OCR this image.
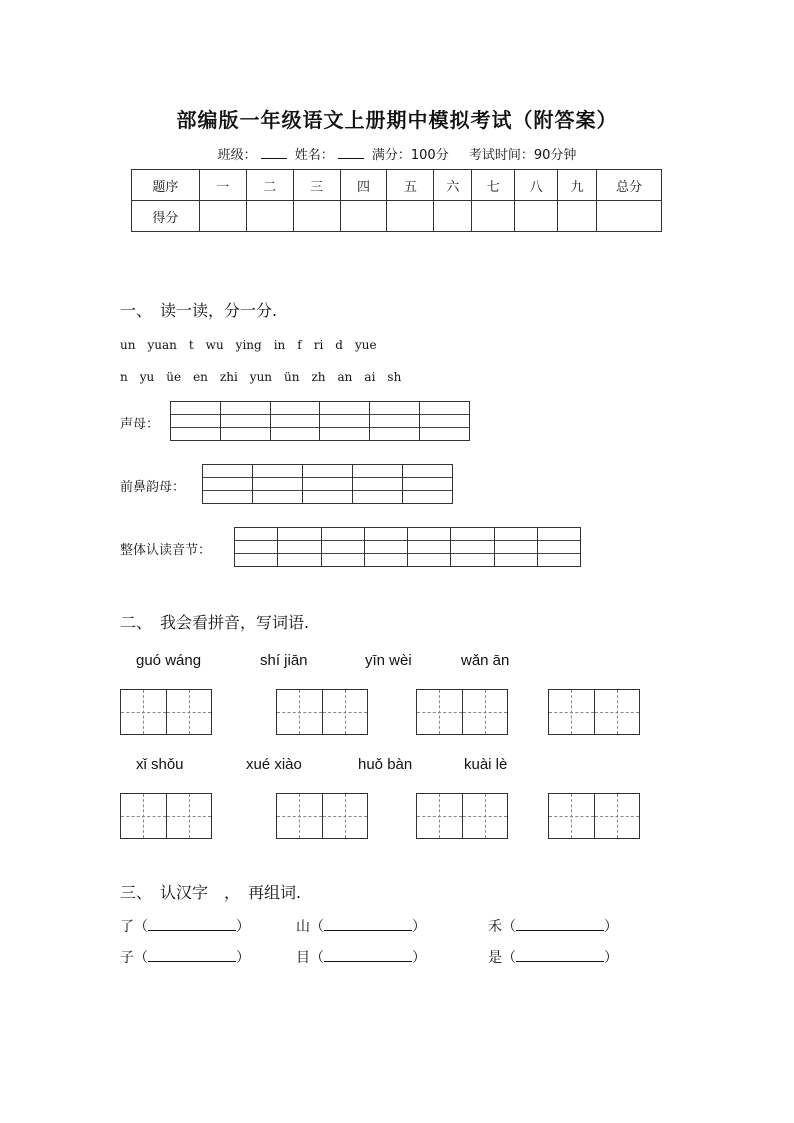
部编版一年级语文上册期中模拟考试（附答案）
班级：	姓名：	满分：100分 考试时间：90分钟
题序	一	二	三	四	五	六	七	八	九	总分
得分										
一、　读一读，分一分.
un　yuan　t　wu　ying　in　f　ri　d　yue
n　yu　üe　en　zhi　yun　ün　zh　an　ai　sh
声母：
前鼻韵母：
整体认读音节：
二、　我会看拼音，写词语.
guó wáng	shí jiān	yīn wèi	wǎn ān
xǐ shǒu	xué xiào	huǒ bàn	kuài lè
三、　认汉字　，　再组词.
了（	）	山（	）	禾（	）
子（	）	目（	）	是（	）
